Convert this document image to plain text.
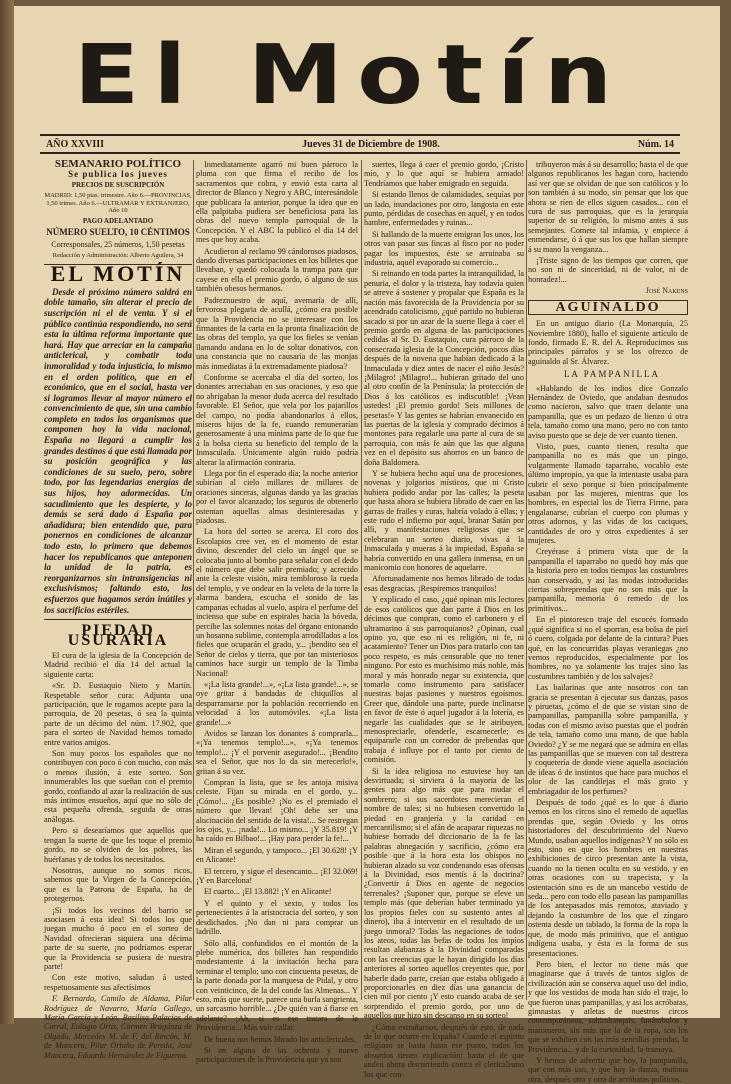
El Motín
AÑO XXVIII	Jueves 31 de Diciembre de 1908.	Núm. 14

SEMANARIO POLÍTICO

Se publica los jueves

PRECIOS DE SUSCRIPCIÓN

MADRID: 1,50 ptas. trimestre. Año 6.—PROVINCIAS, 1,50 trimes. Año 6.—ULTRAMAR Y EXTRANJERO, Año 10

PAGO ADELANTADO

NÚMERO SUELTO, 10 CÉNTIMOS

Corresponsales, 25 números, 1,50 pesetas

Redacción y Administración: Alberto Aguilera, 34

EL MOTÍN

Desde el próximo número saldrá en doble tamaño, sin alterar el precio de suscripción ni el de venta. Y si el público continúa respondiendo, no será esta la última reforma importante que hará. Hay que arreciar en la campaña anticlerical, y combatir toda inmoralidad y toda injusticia, lo mismo en el orden político, que en el económico, que en el social, hasta ver si logramos llevar al mayor número el convencimiento de que, sin una cambio completo en todos los organismos que componen hoy la vida nacional, España no llegará a cumplir los grandes destinos á que está llamada por su posición geográfica y las condiciones de su suelo, pero, sobre todo, por las legendarias energías de sus hijos, hoy adormecidas. Un sacudimiento que les despierte, y lo demás se será dado á España por añadidura; bien entendido que, para ponernos en condiciones de alcanzar todo esto, lo primero que debemos hacer los republicanos que anteponen la unidad de la patria, es reorganizarnos sin intransigencias ni exclusivismos; faltando esto, los esfuerzos que hagamos serán inútiles y los sacrificios estériles.

PIEDAD USURARIA

El cura de la iglesia de la Concepción de Madrid recibió el día 14 del actual la siguiente carta:

«Sr. D. Eustaquio Nieto y Martín. Respetable señor cura: Adjunta una participación, que le rogamos acepte para la parroquia, de 20 pesetas, ó sea la quinta parte de un décimo del núm. 17.902, que para el sorteo de Navidad hemos tomado entre varios amigos.

Son muy pocos los españoles que no contribuyen con poco ó con mucho, con más o menos ilusión, á este sorteo. Son innumerables los que sueñan con el premio gordo, confiando al azar la realización de sus más íntimos ensueños, aquí que no sólo de esta pequeña ofrenda, seguida de otras análogas.

Pero si desearíamos que aquellos que tengan la suerte de que les toque el premio gordo, no se olviden de los pobres, las huérfanas y de todos los necesitados.

Nosotros, aunque no somos ricos, sabemos que la Virgen de la Concepción, que es la Patrona de España, ha de protegernos.

¡Si todos los vecinos del barrio se asociasen á esta idea! Si todos los que juegan mucho ó poco en el sorteo de Navidad ofrecieran siquiera una décima parte de su suerte, ¡no podríamos esperar que la Providencia se pusiera de nuestra parte!

Con este motivo, saludan á usted respetuosamente sus afectísimos

F. Bernardo, Camilo de Aldama, Pilar Rodríguez de Navarro, María Gallego, María García y León, Basilisa Palacios de Carral, Eulogio Ortiz, Carmen Bragánza de Olgado, Mercedes M. de F. del Rincón, M. de Mancera, Pilar Ortuño de Pereda, José Mancera, Eduardo Hernández de Figueroa.

Inmediatamente agarró mi buen párroco la pluma con que firma el recibo de los sacramentos que cobra, y envió esta carta al director de Blanco y Negro y ABC, interesándole que publicara la anterior, porque la idea que en ella palpitaba pudiera ser beneficiosa para las obras del nuevo templo parroquial de la Concepción. Y el ABC la publicó el día 14 del mes que hoy acaba.

Acudieron al reclamo 99 cándorosos piadosos, dando diversas participaciones en los billetes que llevaban, y quedó colocada la trampa para que cayese en ella el premio gordo, ó alguno de sus también obesos hermanos.

Padreznuestro de aquí, avemaría de allí, fervorosa plegaria de acullá, ¿cómo era posible que la Providencia no se interesase con los firmantes de la carta en la pronta finalización de las obras del templo, ya que los fieles se venían llamando andana en lo de soltar donativos, con una constancia que no causaría de las monjas más inmediatas á la extremadamente piadosa?

Conforme se acercaba el día del sorteo, los donantes arreciaban en sus oraciones, y eso que no abrigaban la menor duda acerca del resultado favorable. El Señor, que vela por los pajarillos del campo, no podía abandonarlos á ellos, míseros hijos de la fe, cuando remunerarían generosamente á una mínima parte de lo que fue á la bolsa cierta su beneficio del templo de la Inmaculada. Únicamente algún ruido podría alterar la afirmación contraria.

Llega por fin el esperado día; la noche anterior subirían al cielo millares de millares de oraciones sinceras, algunas dando ya las gracias por el favor alcanzado; los seguros de obtenerlo ostentan aquellas almas desinteresadas y piadosas.

La hora del sorteo se acerca. El coro dos Escolapios cree ver, en el momento de estar divino, descender del cielo un ángel que se colocaba junto al bombo para señalar con el dedo el número que debe salir premiado; y acrecido ante la celeste visión, mira tembloroso la rueda del templo, y ve ondear en la veleta de la torre la alarma bandera, escucha el sonido de las campanas echadas al vuelo, aspira el perfume del incienso que sube en espirales hacia la bóveda, percibe las solemnes notas del órgano entonando un hosanna sublime, contempla arrodillados a los fieles que ocuparán el grado, y... ¡bendito sea el Señor de cielos y tierra, que por tan misteriosos caminos hace surgir un templo de la Timba Nacional!

«¡La lista grande!...», «¡La lista grande!...», se oye gritar á bandadas de chiquillos al desparramarse por la población recorriendo en velocidad á los automóviles. «¡La lista grande!...»

Avidos se lanzan los donantes á comprarla... «¡Ya tenemos templo!...», «¡Ya tenemos templo!... ¡Y el porvenir asegurado!... ¡Bendito sea el Señor, que nos lo da sin merecerlo!», gritan á su vez.

Compran la lista, que se les antoja misiva celeste. Fijan su mirada en el gordo, y... ¡Cómo!... ¿Es posible? ¡No es el premiado el número que llevan! ¡Oh! debe ser una alucinación del sentido de la vista!... Se restregan los ojos, y... ¡nada!... Lo mismo... ¡Y 35.819! ¡Y ha caído en Bilbao!... ¡Hay para perder la fe!...

Miran el segundo, y tampoco... ¡El 30.628! ¡Y en Alicante!

El tercero, y sigue el desencanto... ¡El 32.069! ¡Y en Barcelona!

El cuarto... ¡El 13.882! ¡Y en Alicante!

Y el quinto y el sexto, y todos los pertenecientes á la aristocracia del sorteo, y son desdichados. ¡No dan ni para comprar un ladrillo.

Sólo allá, confundidos en el montón de la plebe numérica, dos billetes han respondido modestamente á la invitación hecha para terminar el templo; uno con cincuenta pesetas, de la parte donada por la marquesa de Pidal, y otro con veinticinco, de la del conde las Almenas... Y esto, más que suerte, parece una burla sangrienta, un sarcasmo horrible... ¿De quién van á fiarse en adelante? ¡Ah, si es ese tratara de la Providencia... Más vale callar.

De buena nos hemos librado los anticlericales.

Si en alguna de las ochenta y nueve participaciones de la Providencia que ya son

suertes, llega á caer el premio gordo, ¡Cristo mío, y lo que aquí se hubiera armado! Tendríamos que haber emigrado en seguida.

Si estando llenos de calamidades, sequías por un lado, inundaciones por otro, langosta en este punto, pérdidas de cosechas en aquél, y en todos hambre, enfermedades y ruinas...

Si hallando de la muerte emigran los unos, los otros van pasar sus fincas al fisco por no poder pagar los impuestos, éste se arruinaba su industria, aquél evaporado su comercio...

Si reinando en toda partes la intranquilidad, la penuria, el dolor y la tristeza, hay todavía quien se atreve á sostener y propalar que España es la nación más favorecida de la Providencia por su acendrado catolicismo, ¿qué partido no hubieran sacado si por un azar de la suerte llega á caer el premio gordo en alguna de las participaciones cedidas al Sr. D. Eustaquio, cura párroco de la consecrada iglesia de la Concepción, pocos días después de la novena que habían dedicado á la Inmaculada y diez antes de nacer el niño Jesús? ¡Milagro! ¡Milagro!... hubieran gritado del uno al otro confín de la Península; la protección de Dios á los católicos es indiscutible! ¡Vean ustedes! ¡El premio gordo! Seis millones de pesetas!» Y las gentes se habrían envanecido en las puertas de la iglesia y comprado décimos á montones para regalarle una parte al cura de su parroquia, con más fe aún que las que alguna vez en el depósito sus ahorros en un banco de doña Baldomera.

Y se hubiera hecho aquí una de procesiones, novenas y jolgorios místicos, que ni Cristo hubiera podido andar por las calles; la peseta que hasta ahora se hubiera librado de caer en las garras de frailes y curas, habría volado á ellas; y este rudo el infierno por aquí, branar Satán por allí, y manifestaciones religiosas que se celebraran un sorteo diario, vivas á la Inmaculada y mueras á la impiedad, España se habría convertido en una gallera inmensa, en un manicomio con honores de aquelarre.

Afortunadamente nos hemos librado de todas esas desgracias. ¡Respiremos tranquilos!

Y explicado el caso, ¿qué opinan mis lectores de esos católicos que dan parte á Dios en los décimos que compran, como el carbonero y el ultramarino á sus parroquianos? ¿Opinan, cual opino yo, que eso ni es religión, ni fe, ni acatamiento? Tener un Dios para tratarlo con tan poco respeto, es más censurable que no tener ninguno. Por esto es muchísimo más noble, más moral y más honrado negar su existencia, que tomarlo como instrumento para satisfacer nuestras bajas pasiones y nuestros egoísmos. Creer que, dándole una parte, puede inclinarse en favor de éste ó aquel jugador á la lotería, es negarle las cualidades que se le atribuyen, menospreciarle, ofenderle, escarnecerle; es equipararle con un corredor de prebendas que trabaja é influye por el tanto por ciento de comisión.

Si la idea religiosa no estuviese hoy tan desvirtuada; si sirviera á la mayoría de las gentes para algo más que para mudar el sombrero; si sus sacerdotes merecieran el nombre de tales; si no hubiesen convertido la piedad en granjería y la caridad en mercantilismo; si el afán de acaparar riquezas no hubiese borrado del diccionario de la fe las palabras abnegación y sacrificio, ¿cómo era posible que á la hora esta los obispos no hubieran alzado su voz condenando esas ofensas á la Divinidad, esos mentís á la doctrina? ¿Convertir á Dios en agente de negocios terrenales? ¡Suponer que, porque se eleve un templo más (que deberían haber terminado ya los propios fieles con su sustento antes al dinero), iba á intervenir en el resultado de un juego inmoral? Todas las negaciones de todos los ateos, todas las befas de todos los impíos resultan alabanzas á la Divinidad comparadas con las creencias que le hayan dirigido los días anteriores al sorteo aquellos creyentes que, por haberle dado parte, creían que estaba obligado á proporcionarles en diez días una ganancia de cien mil por ciento ¡Y esto cuando acaba de ser sorprendido el premio gordo, por uno de aquellos que hizo sin descanso en su sorteo!

¿Cómo extrañarnos, después de esto, de nada de lo que ocurre en España? Cuando el espíritu religioso se basta hasta ese punto, todos los absurdos tienen explicación: hasta el de que anden ahora discurriendo contra el clericalismo los que con-

tribuyeron más á su desarrollo; hasta el de que algunos republicanos les hagan coro, haciendo así ver que se olvidan de que son católicos y lo son también á su modo, sin pensar que los que ahora se ríen de ellos siguen casados... con el cura de sus parroquias, que es la jerarquía superior de su religión, lo mismo antes á sus semejantes. Comete tal infamia, y empiece á enmendarse, ó á que sus los que hallan siempre á su mano la venganza...

¡Triste signo de los tiempos que corren, que no son ni de sinceridad, ni de valor, ni de honradez!...

José Nakens

AGUINALDO

En un antiguo diario (La Monarquía, 25 Noviembre 1880), hallo el siguiente artículo de fondo, firmado E. R. del A. Reproducimos sus principales párrafos y se los ofrezco de aguinaldo al Sr. Álvarez.

LA PAMPANILLA

«Hablando de los indios dice Gonzalo Hernández de Oviedo, que andaban desnudos como nacieron, salvo que traen delante una pampanilla, que es un pedazo de lienzo ú otra tela, tamaño como una mano, pero no con tanto aviso puesto que se deje de ver cuanto tienen.

Visto, pues, cuanto tienen, resulta que pampanilla no es más que un pingo, vulgarmente llamado taparrabo, vocablo este último impropio, ya que la intentaste usaba para cubrir el sexo porque si bien principalmente usaban por las mujeres, mientras que los hombres, en especial los de Tierra Firme, para engalanarse, cubrían el cuerpo con plumas y otros adornos, y las vidas de los caciques, cantidades de oro y otros expedientes á ser mujeres.

Creyérase á primera vista que de la pampanilla el taparrabo no quedó hoy más que la historia pero en todos tiempos las costumbres han conservado, y así las modas introducidas ciertas sobreprendas que no son más que la pampanilla, memoria ó remedo de los primitivos...

En el pintoresco traje del escocés formado ¿qué significa si no el sporran, esa bolsa de piel ó cuero, colgada por delante de la cintura? Pues qué, en las concurridas playas veraniegas ¿no vemos reproducidos, especialmente por los hombres, no ya solamente los trajes sino las costumbres también y de los salvajes?

Las bailarinas que ante nosotros con tan gracia se presentan á ejecutar sus danzas, pasos y piruetas, ¿cómo el de que se vistan sino de pampanillas, pampanilla sobre pampanilla, y todas con el mismo aviso puestas que el podrán de tela, tamaño como una mano, de que habla Oviedo? ¿Y se me negará que se admira en ellas las pampanillas que se mueven con tal destreza y coquetería de donde viene aquella asociación de ideas ó de instintos que hace para muchos el olor de las candilejas el más grato y embriagador de los perfumes?

Después de todo ¿qué es lo que á diario vemos en los circos sino el remedo de aquellas prendas que, según Oviedo y los otros historiadores del descubrimiento del Nuevo Mundo, usaban aquellos indígenas? Y no sólo en esto, sino en que los hombres en nuestras exhibiciones de circo presentan ante la vista, cuando no la tienen oculta en su vestido, y en otras ocasiones con su trapecista, y la ostentación sino es de un mancebo vestido de seda... pero con todo ello pasean las pampanillas de los antepasados más remotos, ataviado y dejando la costumbre de los que el zíngaro ostenta desde un tablado, la forma de la ropa la que, de modo más primitivo, que el antiguo indígena usaba, y ésta es la forma de sus presentaciones.

Pero bien, el lector no tiene más que imaginarse que á través de tantos siglos de civilización aún se conserva aquel uso del indio, y que los vestidos de moda han sido el traje, lo que fueron unas pampanillas, y así los acróbatas, gimnastas y atletas de nuestros circos contemporáneos, saltimbanquis, funámbulos y maromeros, sin más que la de la ropa, son los que se exhiben con las más sencillas prendas, la Providencia... y de la curiosidad, la tramoya.

Y hemos de advertir que hoy, la pampanilla, que con más uso, y que hoy la danza, mañana otra, después otra y otra de acróbatas políticos.
